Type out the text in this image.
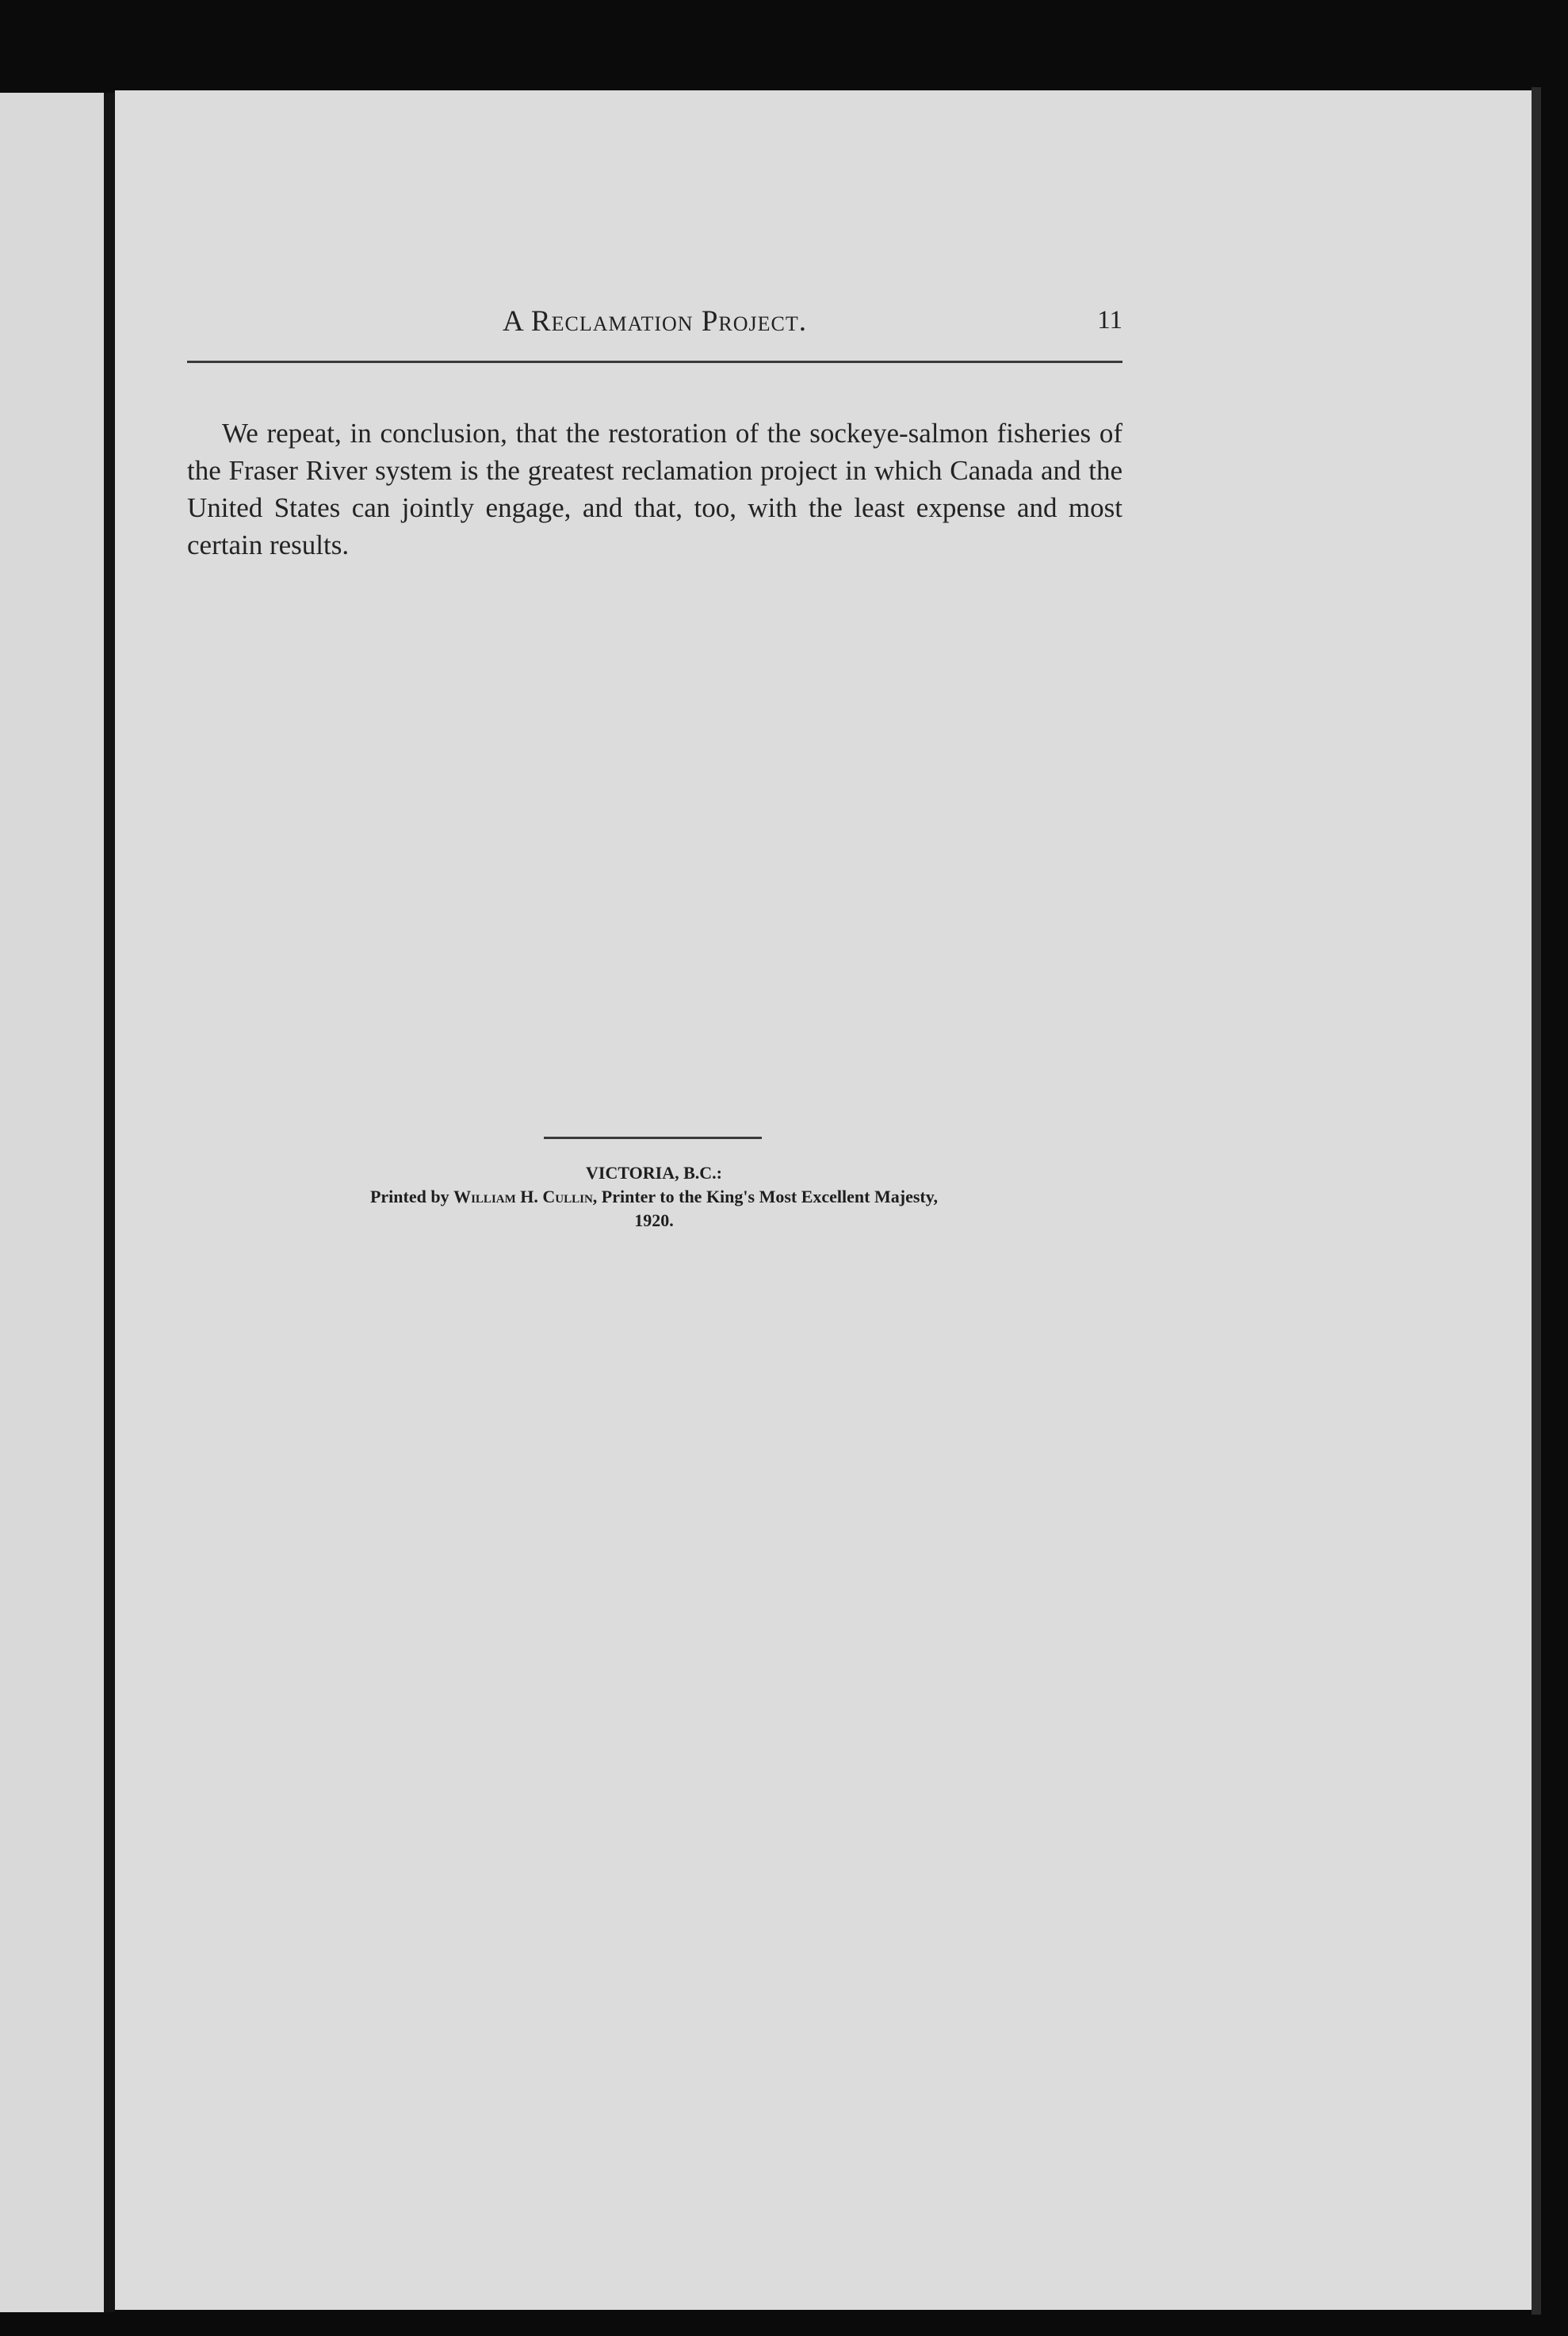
A Reclamation Project.	11

We repeat, in conclusion, that the restoration of the sockeye-salmon fisheries of the Fraser River system is the greatest reclamation project in which Canada and the United States can jointly engage, and that, too, with the least expense and most certain results.

VICTORIA, B.C.:
Printed by William H. Cullin, Printer to the King's Most Excellent Majesty,
1920.
